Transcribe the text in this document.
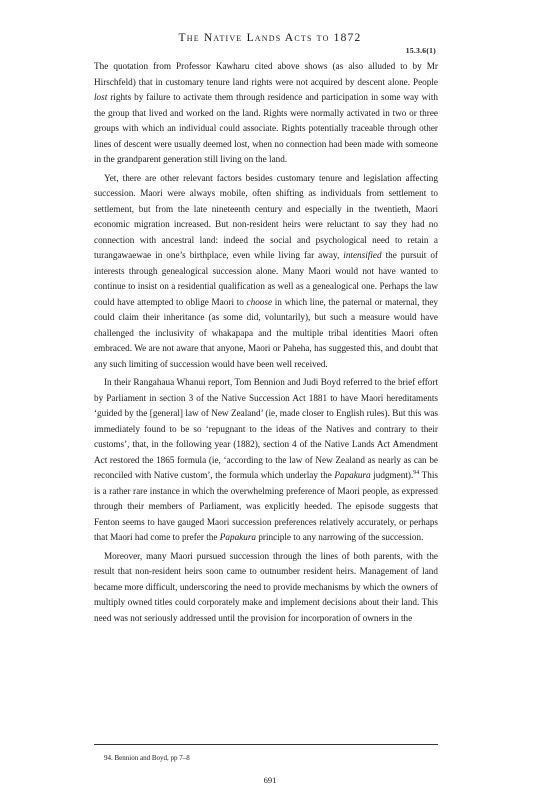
The Native Lands Acts to 1872
15.3.6(1)

The quotation from Professor Kawharu cited above shows (as also alluded to by Mr Hirschfeld) that in customary tenure land rights were not acquired by descent alone. People lost rights by failure to activate them through residence and participation in some way with the group that lived and worked on the land. Rights were normally activated in two or three groups with which an individual could associate. Rights potentially traceable through other lines of descent were usually deemed lost, when no connection had been made with someone in the grandparent generation still living on the land.

Yet, there are other relevant factors besides customary tenure and legislation affecting succession. Maori were always mobile, often shifting as individuals from settlement to settlement, but from the late nineteenth century and especially in the twentieth, Maori economic migration increased. But non-resident heirs were reluctant to say they had no connection with ancestral land: indeed the social and psychological need to retain a turangawaewae in one’s birthplace, even while living far away, intensified the pursuit of interests through genealogical succession alone. Many Maori would not have wanted to continue to insist on a residential qualification as well as a genealogical one. Perhaps the law could have attempted to oblige Maori to choose in which line, the paternal or maternal, they could claim their inheritance (as some did, voluntarily), but such a measure would have challenged the inclusivity of whakapapa and the multiple tribal identities Maori often embraced. We are not aware that anyone, Maori or Paheha, has suggested this, and doubt that any such limiting of succession would have been well received.

In their Rangahaua Whanui report, Tom Bennion and Judi Boyd referred to the brief effort by Parliament in section 3 of the Native Succession Act 1881 to have Maori hereditaments ‘guided by the [general] law of New Zealand’ (ie, made closer to English rules). But this was immediately found to be so ‘repugnant to the ideas of the Natives and contrary to their customs’, that, in the following year (1882), section 4 of the Native Lands Act Amendment Act restored the 1865 formula (ie, ‘according to the law of New Zealand as nearly as can be reconciled with Native custom’, the formula which underlay the Papakura judgment).$^{94}$ This is a rather rare instance in which the overwhelming preference of Maori people, as expressed through their members of Parliament, was explicitly heeded. The episode suggests that Fenton seems to have gauged Maori succession preferences relatively accurately, or perhaps that Maori had come to prefer the Papakura principle to any narrowing of the succession.

Moreover, many Maori pursued succession through the lines of both parents, with the result that non-resident heirs soon came to outnumber resident heirs. Management of land became more difficult, underscoring the need to provide mechanisms by which the owners of multiply owned titles could corporately make and implement decisions about their land. This need was not seriously addressed until the provision for incorporation of owners in the

94. Bennion and Boyd, pp 7–8
691
